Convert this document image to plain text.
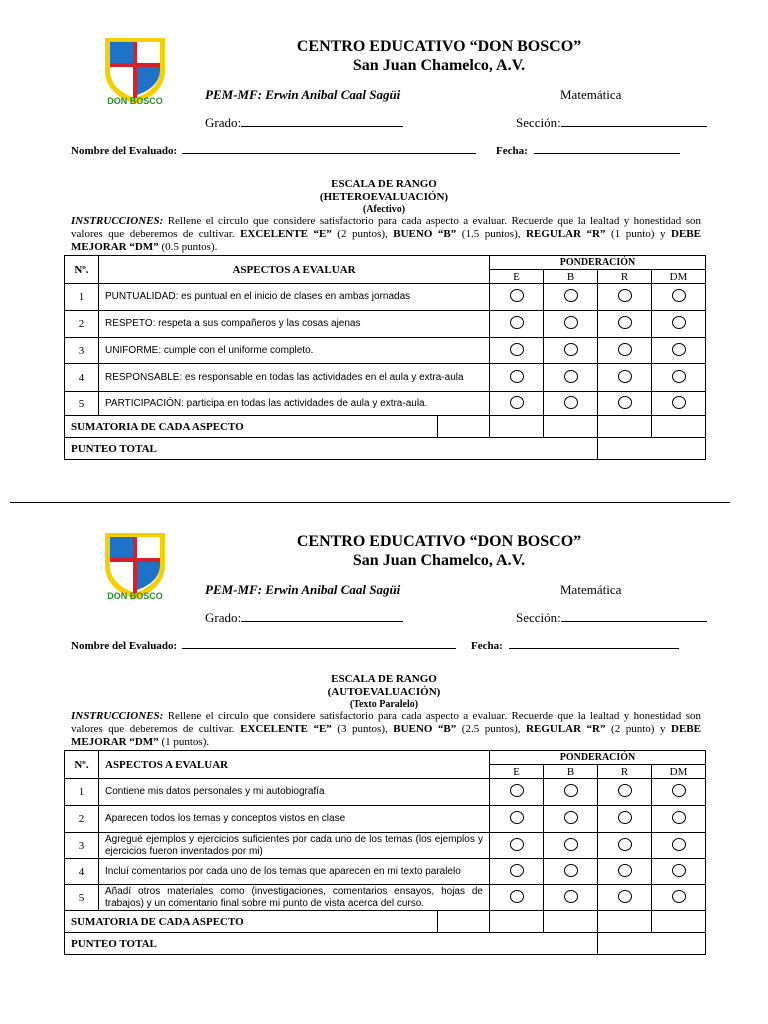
DON BOSCO
CENTRO EDUCATIVO “DON BOSCO”
San Juan Chamelco, A.V.
PEM-MF: Erwin Anibal Caal Sagüi	Matemática
Grado:	Sección:
Nombre del Evaluado:	Fecha:
ESCALA DE RANGO
(HETEROEVALUACIÓN)
(Afectivo)
INSTRUCCIONES: Rellene el circulo que considere satisfactorio para cada aspecto a evaluar. Recuerde que la lealtad y honestidad son valores que deberemos de cultivar. EXCELENTE “E” (2 puntos), BUENO “B” (1.5 puntos), REGULAR “R” (1 punto) y DEBE MEJORAR “DM” (0.5 puntos).
Nº.	ASPECTOS A EVALUAR		PONDERACIÓN			
			E	B	R	DM
1	PUNTUALIDAD: es puntual en el inicio de clases en ambas jornadas					
2	RESPETO: respeta a sus compañeros y las cosas ajenas					
3	UNIFORME: cumple con el uniforme completo.					
4	RESPONSABLE: es responsable en todas las actividades en el aula y extra-aula					
5	PARTICIPACIÓN: participa en todas las actividades de aula y extra-aula.					
SUMATORIA DE CADA ASPECTO						
PUNTEO TOTAL						
DON BOSCO
CENTRO EDUCATIVO “DON BOSCO”
San Juan Chamelco, A.V.
PEM-MF: Erwin Anibal Caal Sagüi	Matemática
Grado:	Sección:
Nombre del Evaluado:	Fecha:
ESCALA DE RANGO
(AUTOEVALUACIÓN)
(Texto Paralelo)
INSTRUCCIONES: Rellene el circulo que considere satisfactorio para cada aspecto a evaluar. Recuerde que la lealtad y honestidad son valores que deberemos de cultivar. EXCELENTE “E” (3 puntos), BUENO “B” (2.5 puntos), REGULAR “R” (2 punto) y DEBE MEJORAR “DM” (1 puntos).
Nº.	ASPECTOS A EVALUAR		PONDERACIÓN			
			E	B	R	DM
1	Contiene mis datos personales y mi autobiografía					
2	Aparecen todos los temas y conceptos vistos en clase					
3	Agregué ejemplos y ejercicios suficientes por cada uno de los temas (los ejemplos y ejercicios fueron inventados por mi)					
4	Incluí comentarios por cada uno de los temas que aparecen en mi texto paralelo					
5	Añadí otros materiales como (investigaciones, comentarios ensayos, hojas de trabajos) y un comentario final sobre mi punto de vista acerca del curso.					
SUMATORIA DE CADA ASPECTO						
PUNTEO TOTAL						
